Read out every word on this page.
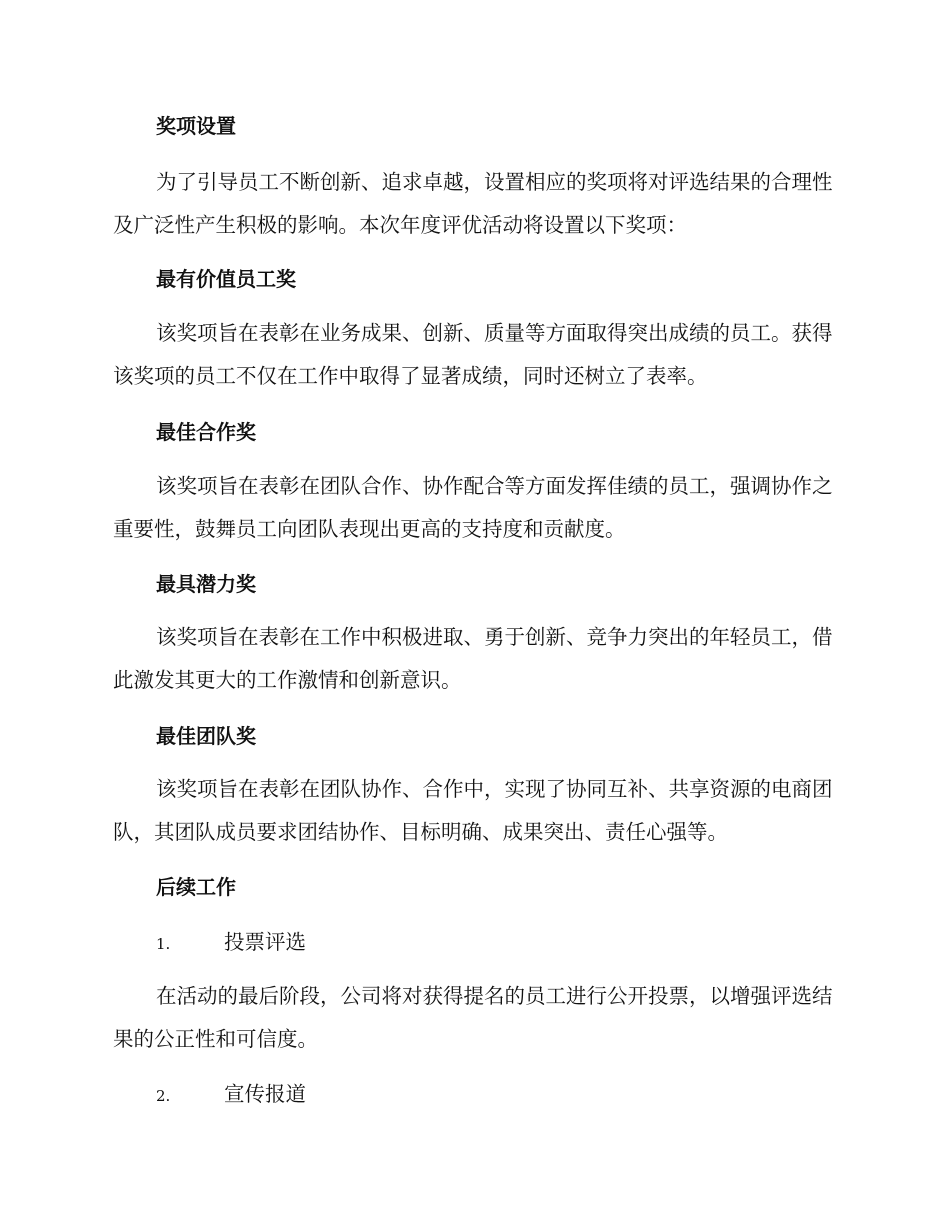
奖项设置

为了引导员工不断创新、追求卓越，设置相应的奖项将对评选结果的合理性及广泛性产生积极的影响。本次年度评优活动将设置以下奖项：

最有价值员工奖

该奖项旨在表彰在业务成果、创新、质量等方面取得突出成绩的员工。获得该奖项的员工不仅在工作中取得了显著成绩，同时还树立了表率。

最佳合作奖

该奖项旨在表彰在团队合作、协作配合等方面发挥佳绩的员工，强调协作之重要性，鼓舞员工向团队表现出更高的支持度和贡献度。

最具潜力奖

该奖项旨在表彰在工作中积极进取、勇于创新、竞争力突出的年轻员工，借此激发其更大的工作激情和创新意识。

最佳团队奖

该奖项旨在表彰在团队协作、合作中，实现了协同互补、共享资源的电商团队，其团队成员要求团结协作、目标明确、成果突出、责任心强等。

后续工作
1.	投票评选

在活动的最后阶段，公司将对获得提名的员工进行公开投票，以增强评选结果的公正性和可信度。

2.	宣传报道
